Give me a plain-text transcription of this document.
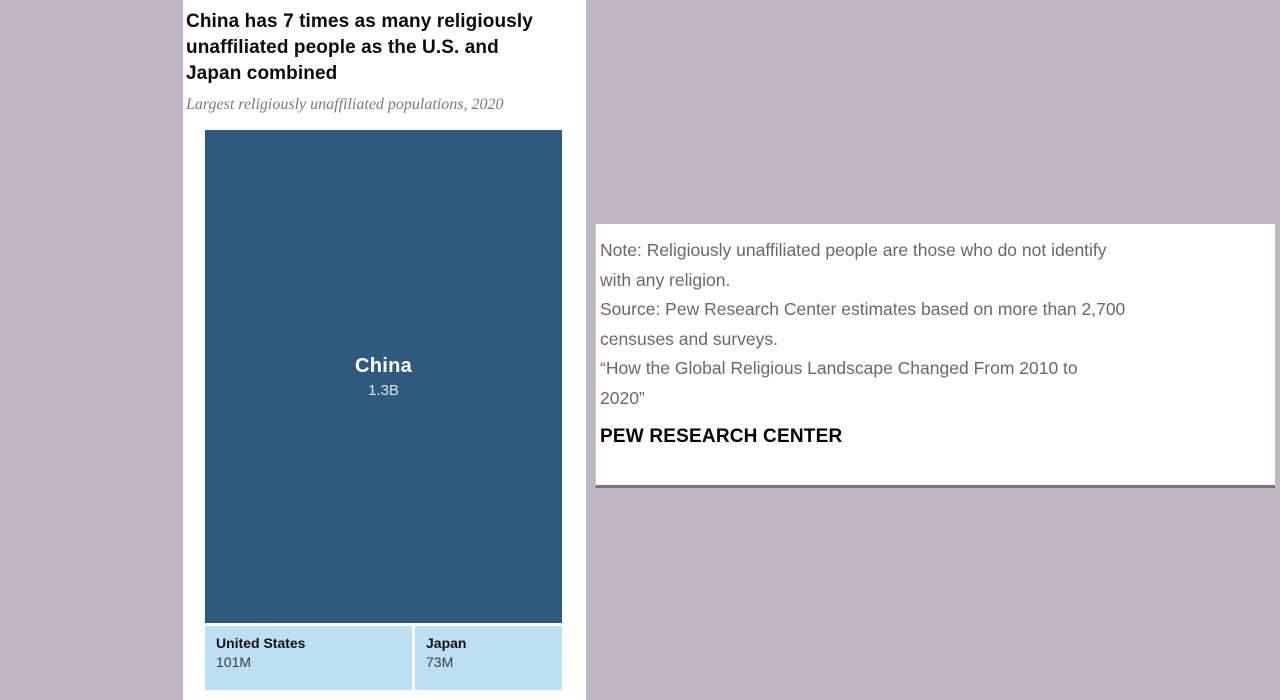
China has 7 times as many religiously
unaffiliated people as the U.S. and
Japan combined
Largest religiously unaffiliated populations, 2020
China
1.3B
United States
101M
Japan
73M
Note: Religiously unaffiliated people are those who do not identify
with any religion.
Source: Pew Research Center estimates based on more than 2,700
censuses and surveys.
“How the Global Religious Landscape Changed From 2010 to
2020”
PEW RESEARCH CENTER
